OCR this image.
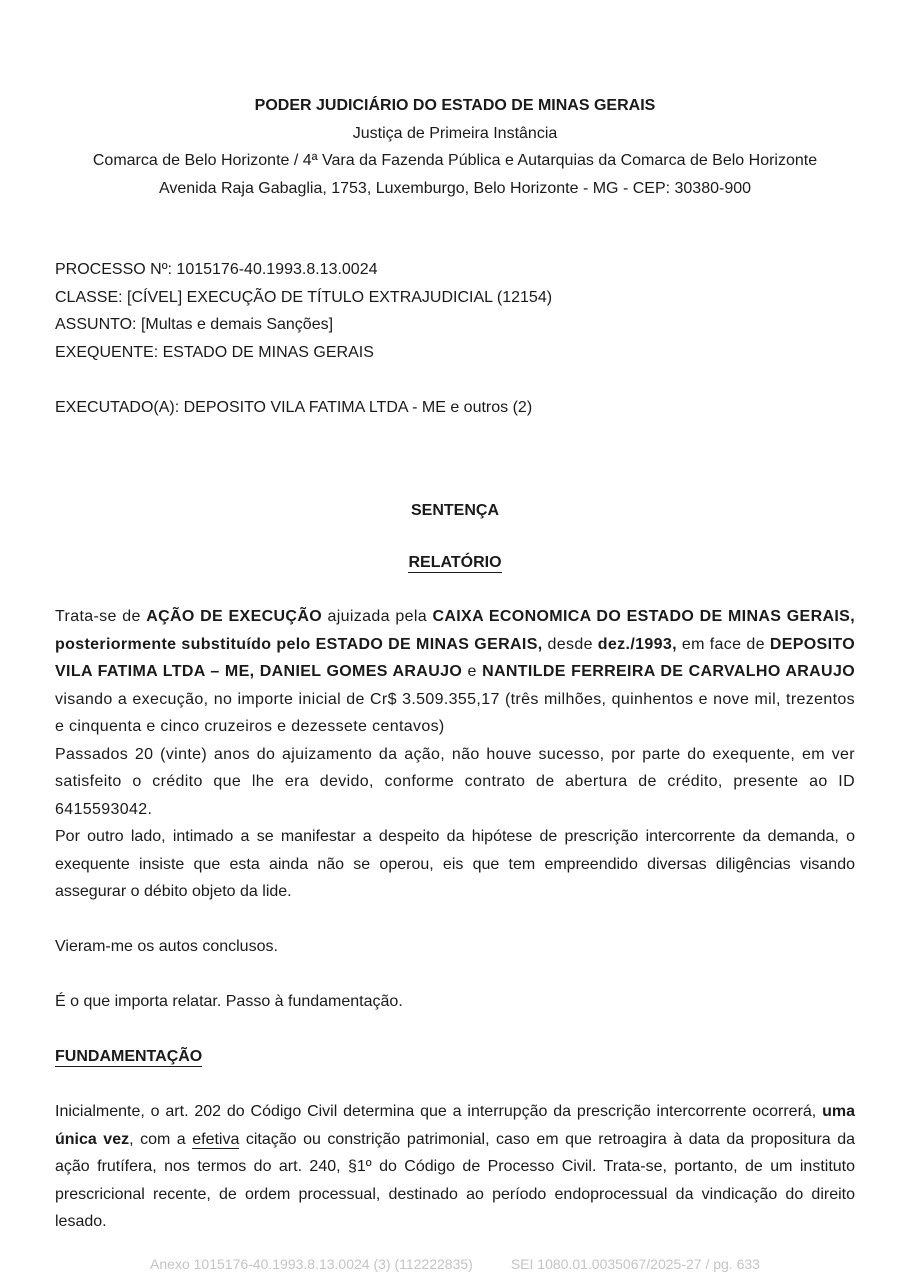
PODER JUDICIÁRIO DO ESTADO DE MINAS GERAIS
Justiça de Primeira Instância
Comarca de Belo Horizonte / 4ª Vara da Fazenda Pública e Autarquias da Comarca de Belo Horizonte
Avenida Raja Gabaglia, 1753, Luxemburgo, Belo Horizonte - MG - CEP: 30380-900
PROCESSO Nº: 1015176-40.1993.8.13.0024
CLASSE: [CÍVEL] EXECUÇÃO DE TÍTULO EXTRAJUDICIAL (12154)
ASSUNTO: [Multas e demais Sanções]
EXEQUENTE: ESTADO DE MINAS GERAIS
EXECUTADO(A): DEPOSITO VILA FATIMA LTDA - ME e outros (2)
SENTENÇA
RELATÓRIO

Trata-se de AÇÃO DE EXECUÇÃO ajuizada pela CAIXA ECONOMICA DO ESTADO DE MINAS GERAIS, posteriormente substituído pelo ESTADO DE MINAS GERAIS, desde dez./1993, em face de DEPOSITO VILA FATIMA LTDA – ME, DANIEL GOMES ARAUJO e NANTILDE FERREIRA DE CARVALHO ARAUJO visando a execução, no importe inicial de Cr$ 3.509.355,17 (três milhões, quinhentos e nove mil, trezentos e cinquenta e cinco cruzeiros e dezessete centavos)

Passados 20 (vinte) anos do ajuizamento da ação, não houve sucesso, por parte do exequente, em ver satisfeito o crédito que lhe era devido, conforme contrato de abertura de crédito, presente ao ID 6415593042.

Por outro lado, intimado a se manifestar a despeito da hipótese de prescrição intercorrente da demanda, o exequente insiste que esta ainda não se operou, eis que tem empreendido diversas diligências visando assegurar o débito objeto da lide.

Vieram-me os autos conclusos.
É o que importa relatar. Passo à fundamentação.
FUNDAMENTAÇÃO

Inicialmente, o art. 202 do Código Civil determina que a interrupção da prescrição intercorrente ocorrerá, uma única vez, com a efetiva citação ou constrição patrimonial, caso em que retroagira à data da propositura da ação frutífera, nos termos do art. 240, §1º do Código de Processo Civil. Trata-se, portanto, de um instituto prescricional recente, de ordem processual, destinado ao período endoprocessual da vindicação do direito lesado.

Anexo 1015176-40.1993.8.13.0024 (3) (112222835)	SEI 1080.01.0035067/2025-27 / pg. 633
